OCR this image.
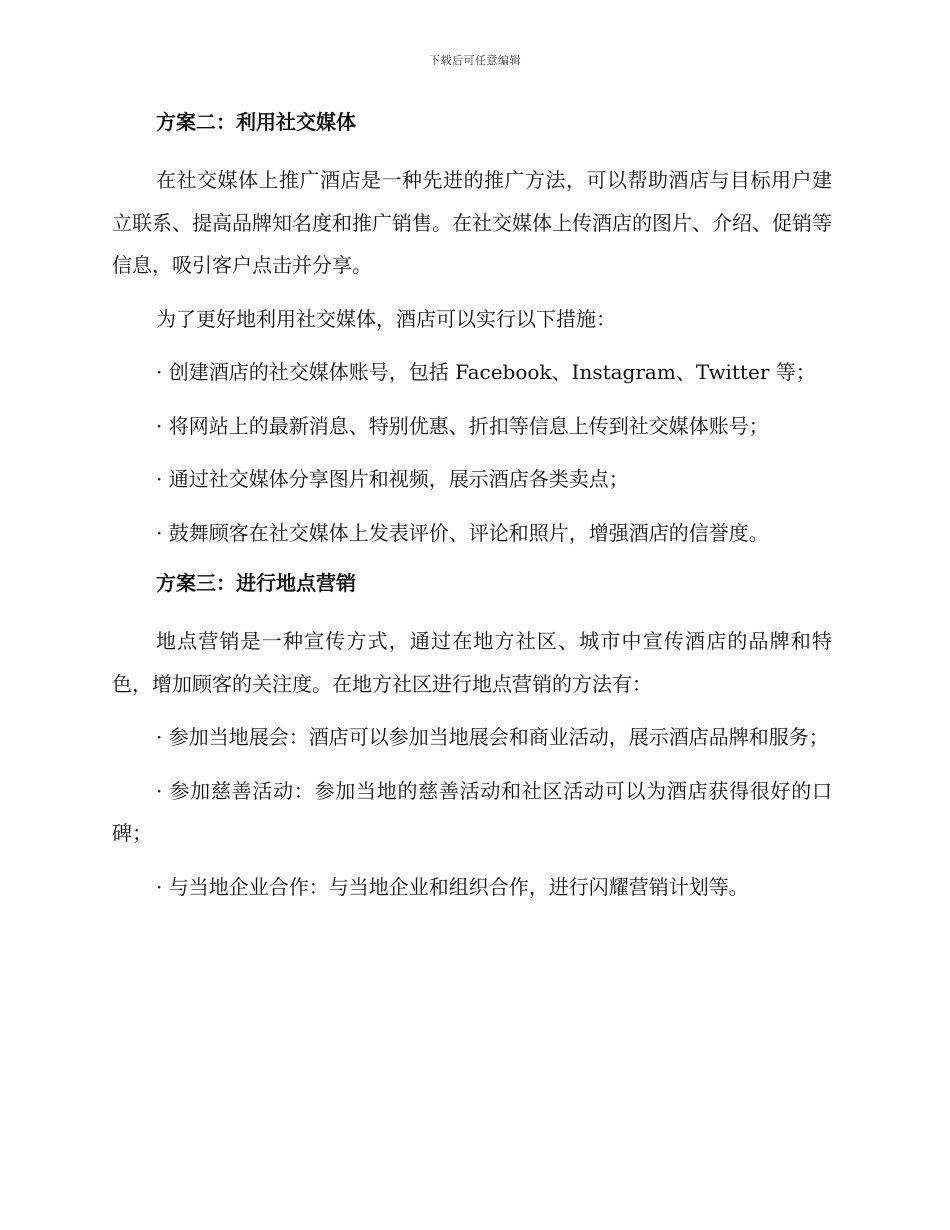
下载后可任意编辑
方案二：利用社交媒体

在社交媒体上推广酒店是一种先进的推广方法，可以帮助酒店与目标用户建立联系、提高品牌知名度和推广销售。在社交媒体上传酒店的图片、介绍、促销等信息，吸引客户点击并分享。

为了更好地利用社交媒体，酒店可以实行以下措施：

· 创建酒店的社交媒体账号，包括 Facebook、Instagram、Twitter 等；

· 将网站上的最新消息、特别优惠、折扣等信息上传到社交媒体账号；

· 通过社交媒体分享图片和视频，展示酒店各类卖点；

· 鼓舞顾客在社交媒体上发表评价、评论和照片，增强酒店的信誉度。

方案三：进行地点营销

地点营销是一种宣传方式，通过在地方社区、城市中宣传酒店的品牌和特色，增加顾客的关注度。在地方社区进行地点营销的方法有：

· 参加当地展会：酒店可以参加当地展会和商业活动，展示酒店品牌和服务；

· 参加慈善活动：参加当地的慈善活动和社区活动可以为酒店获得很好的口碑；

· 与当地企业合作：与当地企业和组织合作，进行闪耀营销计划等。
